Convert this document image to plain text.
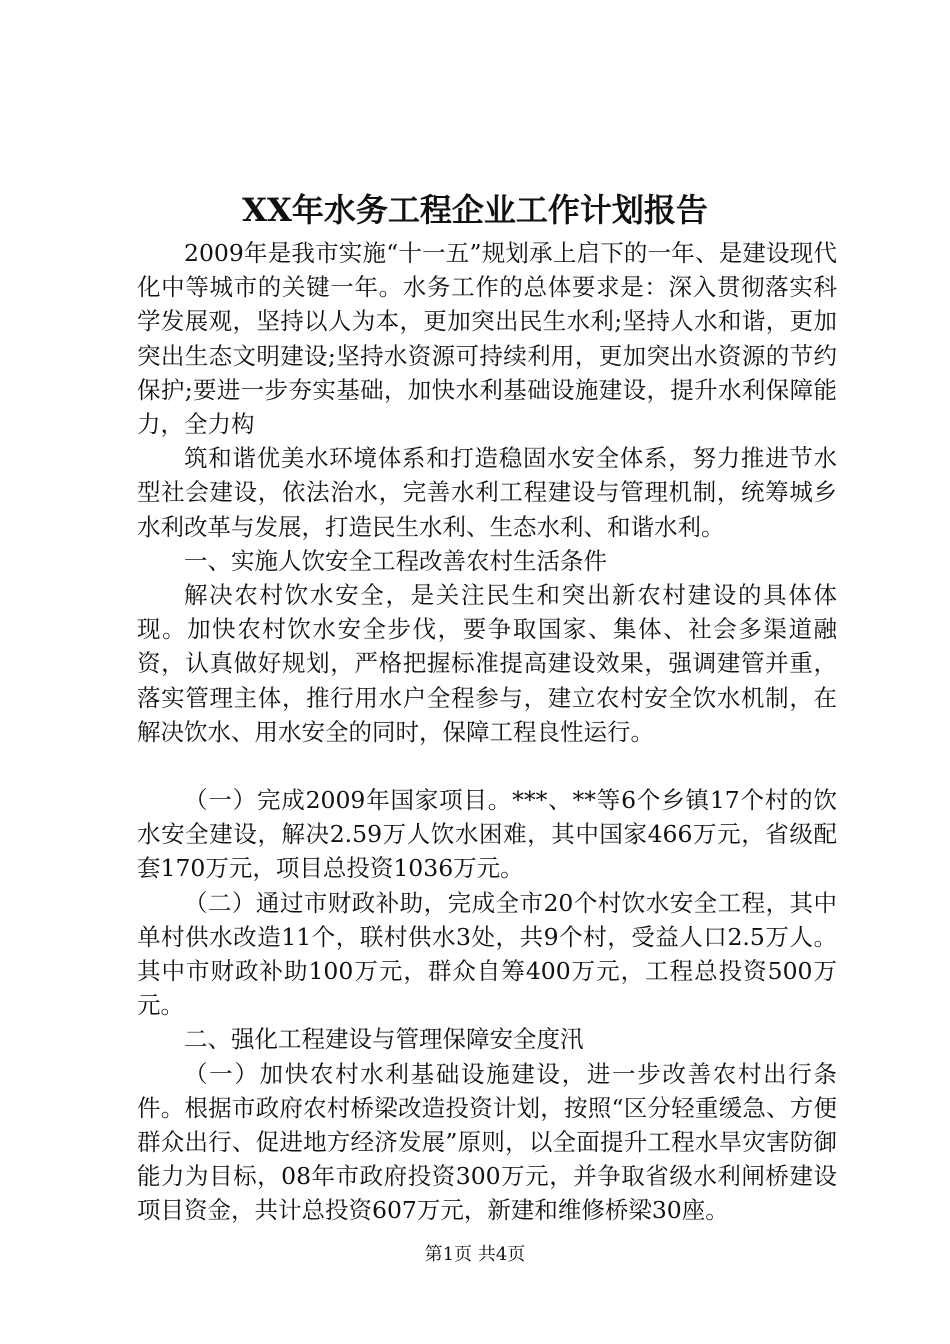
XX年水务工程企业工作计划报告

2009年是我市实施“十一五”规划承上启下的一年、是建设现代化中等城市的关键一年。水务工作的总体要求是：深入贯彻落实科学发展观，坚持以人为本，更加突出民生水利;坚持人水和谐，更加突出生态文明建设;坚持水资源可持续利用，更加突出水资源的节约保护;要进一步夯实基础，加快水利基础设施建设，提升水利保障能力，全力构

筑和谐优美水环境体系和打造稳固水安全体系，努力推进节水型社会建设，依法治水，完善水利工程建设与管理机制，统筹城乡水利改革与发展，打造民生水利、生态水利、和谐水利。

一、实施人饮安全工程改善农村生活条件

解决农村饮水安全，是关注民生和突出新农村建设的具体体现。加快农村饮水安全步伐，要争取国家、集体、社会多渠道融资，认真做好规划，严格把握标准提高建设效果，强调建管并重，落实管理主体，推行用水户全程参与，建立农村安全饮水机制，在解决饮水、用水安全的同时，保障工程良性运行。

（一）完成2009年国家项目。***、**等6个乡镇17个村的饮水安全建设，解决2.59万人饮水困难，其中国家466万元，省级配套170万元，项目总投资1036万元。

（二）通过市财政补助，完成全市20个村饮水安全工程，其中单村供水改造11个，联村供水3处，共9个村，受益人口2.5万人。其中市财政补助100万元，群众自筹400万元，工程总投资500万元。

二、强化工程建设与管理保障安全度汛

（一）加快农村水利基础设施建设，进一步改善农村出行条件。根据市政府农村桥梁改造投资计划，按照“区分轻重缓急、方便群众出行、促进地方经济发展”原则，以全面提升工程水旱灾害防御能力为目标，08年市政府投资300万元，并争取省级水利闸桥建设项目资金，共计总投资607万元，新建和维修桥梁30座。

第1页 共4页
